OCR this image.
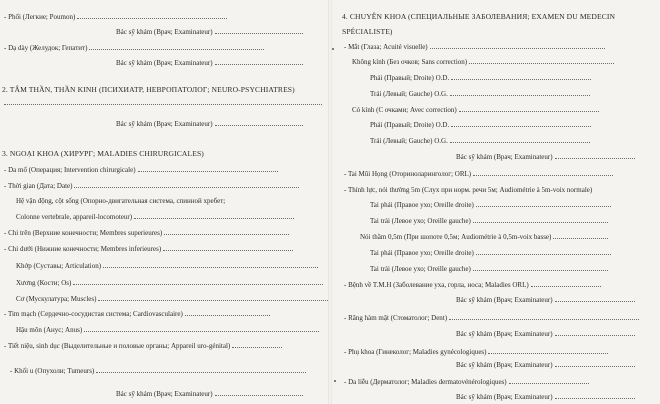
- Phổi (Легкие; Poumon)
Bác sỹ khám (Врач; Examinateur)
- Dạ dày (Желудок; Гепатит)
Bác sỹ khám (Врач; Examinateur)
2. TÂM THẦN, THẦN KINH (ПСИХИАТР, НЕВРОПАТОЛОГ; NEURO-PSYCHIATRES)
Bác sỹ khám (Врач; Examinateur)
3. NGOẠI KHOA (ХИРУРГ; MALADIES CHIRURGICALES)
- Da mổ (Операция; Intervention chirurgicale)
- Thời gian (Дата; Date)
Hệ vận động, cột sống (Опорно-двигательная система, спинной хребет;
Colonne vertebrale, appareil-locomoteur)
- Chi trên (Верхние конечности; Membres superieures)
- Chi dưới (Нижние конечности; Membres inferieures)
Khớp (Суставы; Articulation)
Xương (Кости; Os)
Cơ (Мускулатура; Muscles)
- Tim mạch (Сердечно-сосудистая система; Cardiovasculaire)
Hậu môn (Анус; Anus)
- Tiết niệu, sinh dục (Выделительные и половые органы; Appareil uro-génital)
- Khối u (Опухоли; Tumeurs)
Bác sỹ khám (Врач; Examinateur)
4. CHUYÊN KHOA (СПЕЦИАЛЬНЫЕ ЗАБОЛЕВАНИЯ; EXAMEN DU MEDECIN
SPÉCIALISTE)
- Mắt (Глаза; Acuité visuelle)
Không kính (Без очков; Sans correction)
Phải (Правый; Droite) O.D.
Trái (Левый; Gauche) O.G.
Có kính (С очками; Avec correction)
Phải (Правый; Droite) O.D.
Trái (Левый; Gauche) O.G.
Bác sỹ khám (Врач; Examinateur)
- Tai Mũi Họng (Оториноларинголог; ORL)
- Thính lực, nói thường 5m (Слух при норм. речи 5м; Audiométrie à 5m-voix normale)
Tai phải (Правое ухо; Oreille droite)
Tai trái (Левое ухо; Oreille gauche)
Nói thầm 0,5m (При шопоте 0,5м; Audiométrie à 0,5m-voix basse)
Tai phải (Правое ухо; Oreille droite)
Tai trái (Левое ухо; Oreille gauche)
- Bệnh về T.M.H (Заболевание уха, горла, носа; Maladies ORL)
Bác sỹ khám (Врач; Examinateur)
- Răng hàm mặt (Стоматолог; Dent)
Bác sỹ khám (Врач; Examinateur)
- Phụ khoa (Гинеколог; Maladies gynécologiques)
Bác sỹ khám (Врач; Examinateur)
- Da liễu (Дерматолог; Maladies dermatovénérologiques)
Bác sỹ khám (Врач; Examinateur)
